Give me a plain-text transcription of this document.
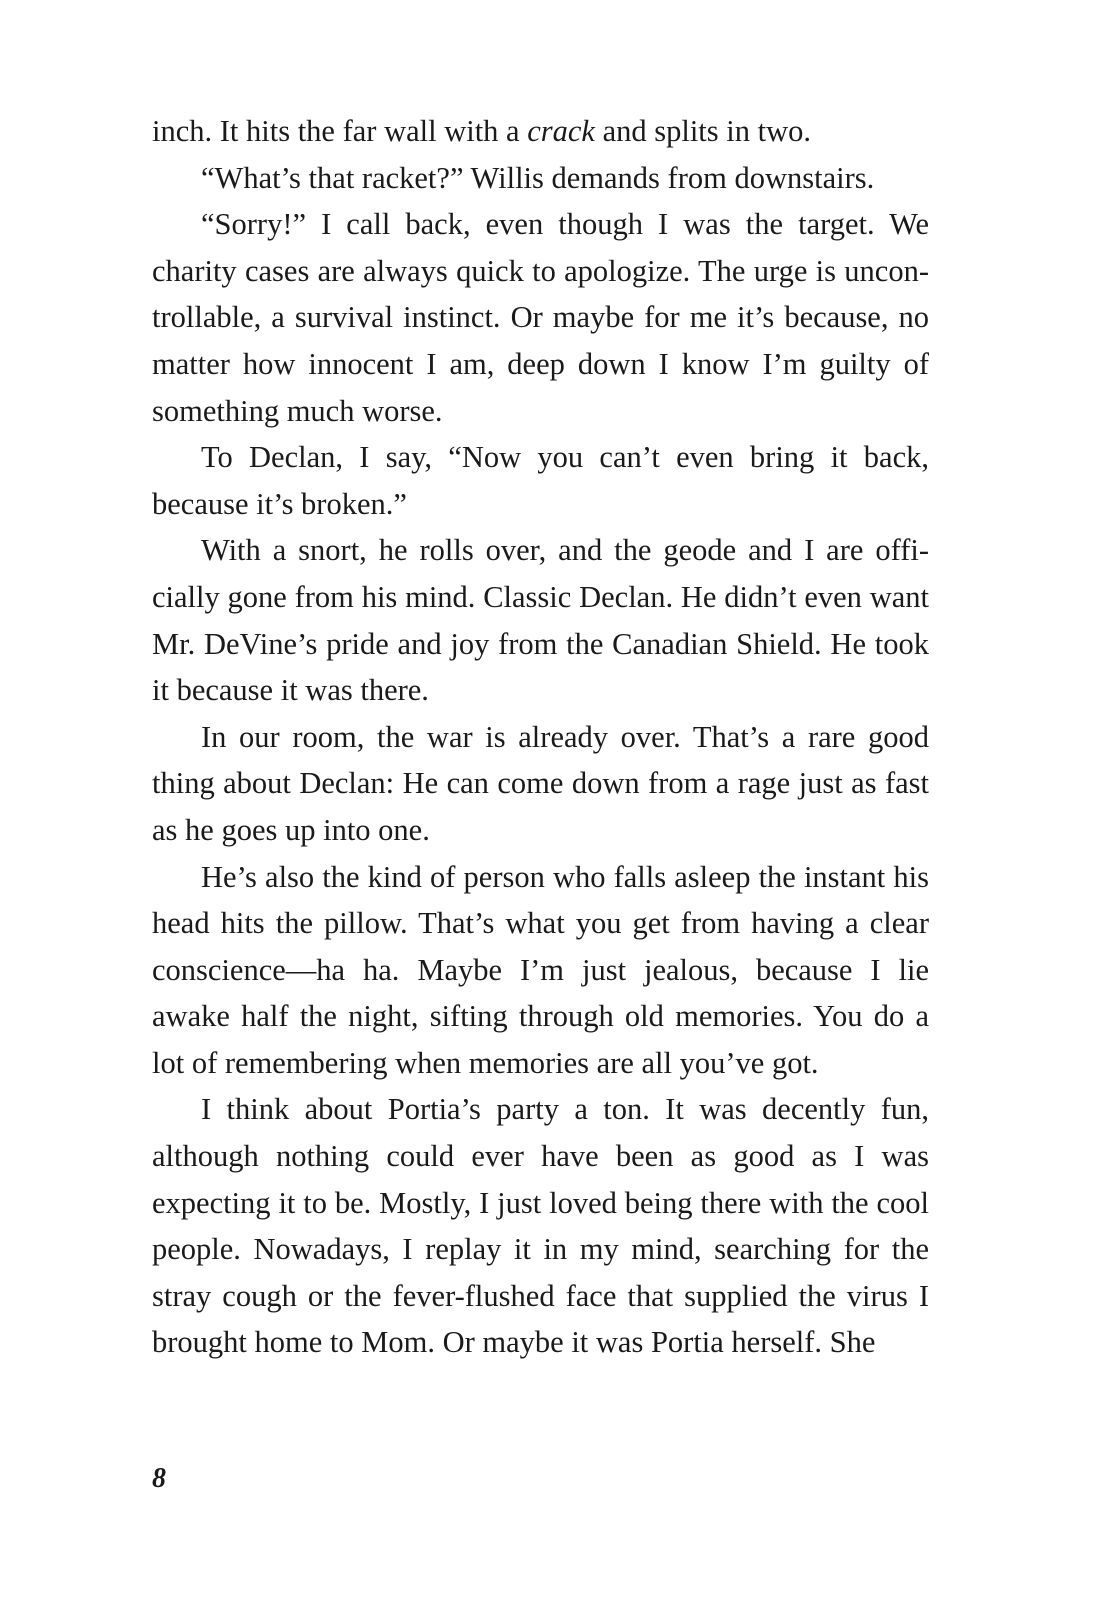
inch. It hits the far wall with a crack and splits in two.

“What’s that racket?” Willis demands from downstairs.

“Sorry!” I call back, even though I was the target. We charity cases are always quick to apologize. The urge is uncontrollable, a survival instinct. Or maybe for me it’s because, no matter how innocent I am, deep down I know I’m guilty of something much worse.

To Declan, I say, “Now you can’t even bring it back, because it’s broken.”

With a snort, he rolls over, and the geode and I are officially gone from his mind. Classic Declan. He didn’t even want Mr. DeVine’s pride and joy from the Canadian Shield. He took it because it was there.

In our room, the war is already over. That’s a rare good thing about Declan: He can come down from a rage just as fast as he goes up into one.

He’s also the kind of person who falls asleep the instant his head hits the pillow. That’s what you get from having a clear conscience—ha ha. Maybe I’m just jealous, because I lie awake half the night, sifting through old memories. You do a lot of remembering when memories are all you’ve got.

I think about Portia’s party a ton. It was decently fun, although nothing could ever have been as good as I was expecting it to be. Mostly, I just loved being there with the cool people. Nowadays, I replay it in my mind, searching for the stray cough or the fever-flushed face that supplied the virus I brought home to Mom. Or maybe it was Portia herself. She

8
